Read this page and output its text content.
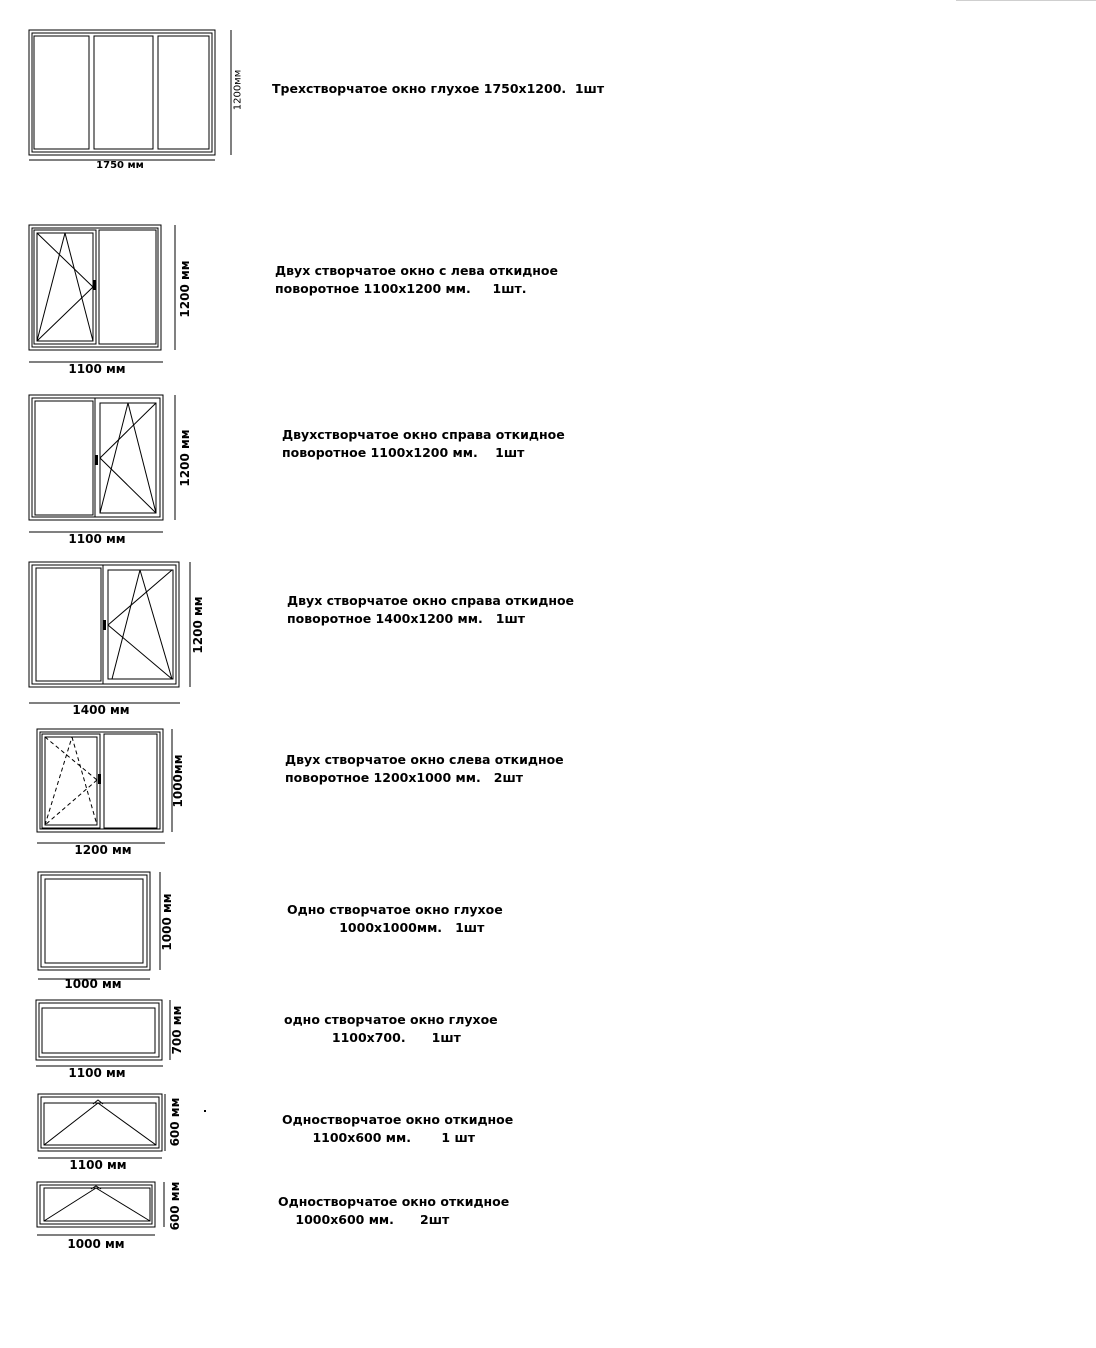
1750 мм
1200мм Трехстворчатое окно глухое 1750х1200.  1шт
1100 мм
1200 мм	Двух створчатое окно с лева откидное
поворотное 1100х1200 мм.     1шт.
1100 мм
1200 мм	Двухстворчатое окно справа откидное
поворотное 1100х1200 мм.    1шт
1400 мм
1200 мм	Двух створчатое окно справа откидное
поворотное 1400х1200 мм.   1шт
1200 мм
1000мм	Двух створчатое окно слева откидное
поворотное 1200х1000 мм.   2шт
1000 мм
1000 мм	Одно створчатое окно глухое
1000х1000мм.   1шт
1100 мм
700 мм	одно створчатое окно глухое
1100х700.      1шт
1100 мм
600 мм	Одностворчатое окно откидное
1100х600 мм.       1 шт
1000 мм
600 мм	Одностворчатое окно откидное
1000х600 мм.      2шт
